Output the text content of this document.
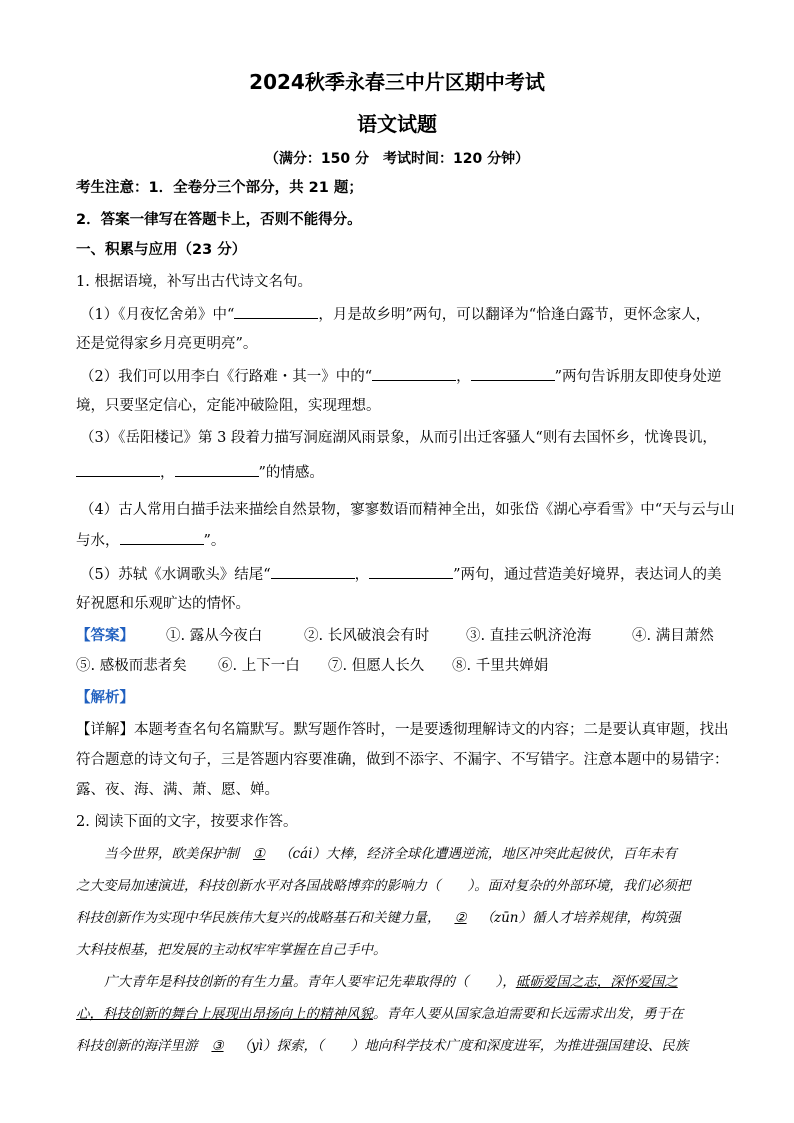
2024秋季永春三中片区期中考试
语文试题
（满分：150 分　考试时间：120 分钟）
考生注意：1．全卷分三个部分，共 21 题；
2．答案一律写在答题卡上，否则不能得分。
一、积累与应用（23 分）
1. 根据语境，补写出古代诗文名句。
（1）《月夜忆舍弟》中“	，月是故乡明”两句，可以翻译为“恰逢白露节，更怀念家人，
还是觉得家乡月亮更明亮”。
（2）我们可以用李白《行路难・其一》中的“	，	”两句告诉朋友即使身处逆
境，只要坚定信心，定能冲破险阻，实现理想。
（3）《岳阳楼记》第 3 段着力描写洞庭湖风雨景象，从而引出迁客骚人“则有去国怀乡，忧谗畏讥，
，	”的情感。
（4）古人常用白描手法来描绘自然景物，寥寥数语而精神全出，如张岱《湖心亭看雪》中“天与云与山
与水，	”。
（5）苏轼《水调歌头》结尾“	，	”两句，通过营造美好境界，表达词人的美
好祝愿和乐观旷达的情怀。
【答案】 ①. 露从今夜白	②. 长风破浪会有时	③. 直挂云帆济沧海	④. 满目萧然
⑤. 感极而悲者矣 ⑥. 上下一白 ⑦. 但愿人长久 ⑧. 千里共婵娟
【解析】
【详解】本题考查名句名篇默写。默写题作答时，一是要透彻理解诗文的内容；二是要认真审题，找出
符合题意的诗文句子，三是答题内容要准确，做到不添字、不漏字、不写错字。注意本题中的易错字：
露、夜、海、满、萧、愿、婵。
2. 阅读下面的文字，按要求作答。
当今世界，欧美保护制 ① （cái）大棒，经济全球化遭遇逆流，地区冲突此起彼伏，百年未有
之大变局加速演进，科技创新水平对各国战略博弈的影响力（　　）。面对复杂的外部环境，我们必须把
科技创新作为实现中华民族伟大复兴的战略基石和关键力量， ② （zūn）循人才培养规律，构筑强
大科技根基，把发展的主动权牢牢掌握在自己手中。
广大青年是科技创新的有生力量。青年人要牢记先辈取得的（　　），砥砺爱国之志，深怀爱国之
心，科技创新的舞台上展现出昂扬向上的精神风貌。青年人要从国家急迫需要和长远需求出发，勇于在
科技创新的海洋里游 ③ （yì）探索，（　　）地向科学技术广度和深度进军，为推进强国建设、民族
